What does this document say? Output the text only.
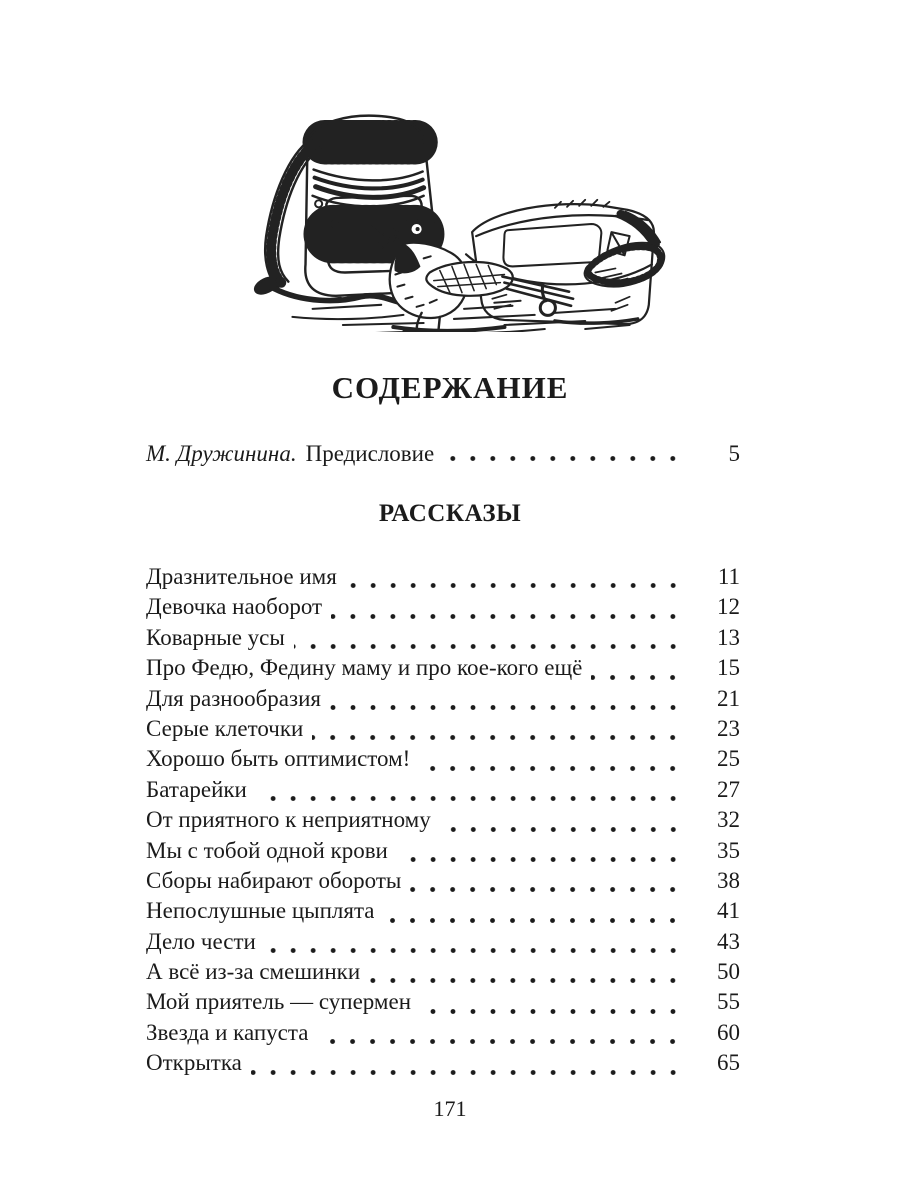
СОДЕРЖАНИЕ
М. Дружинина. Предисловие	5
РАССКАЗЫ
Дразнительное имя	11
Девочка наоборот	12
Коварные усы	13
Про Федю, Федину маму и про кое-кого ещё	15
Для разнообразия	21
Серые клеточки	23
Хорошо быть оптимистом!	25
Батарейки	27
От приятного к неприятному	32
Мы с тобой одной крови	35
Сборы набирают обороты	38
Непослушные цыплята	41
Дело чести	43
А всё из-за смешинки	50
Мой приятель — супермен	55
Звезда и капуста	60
Открытка	65
171
